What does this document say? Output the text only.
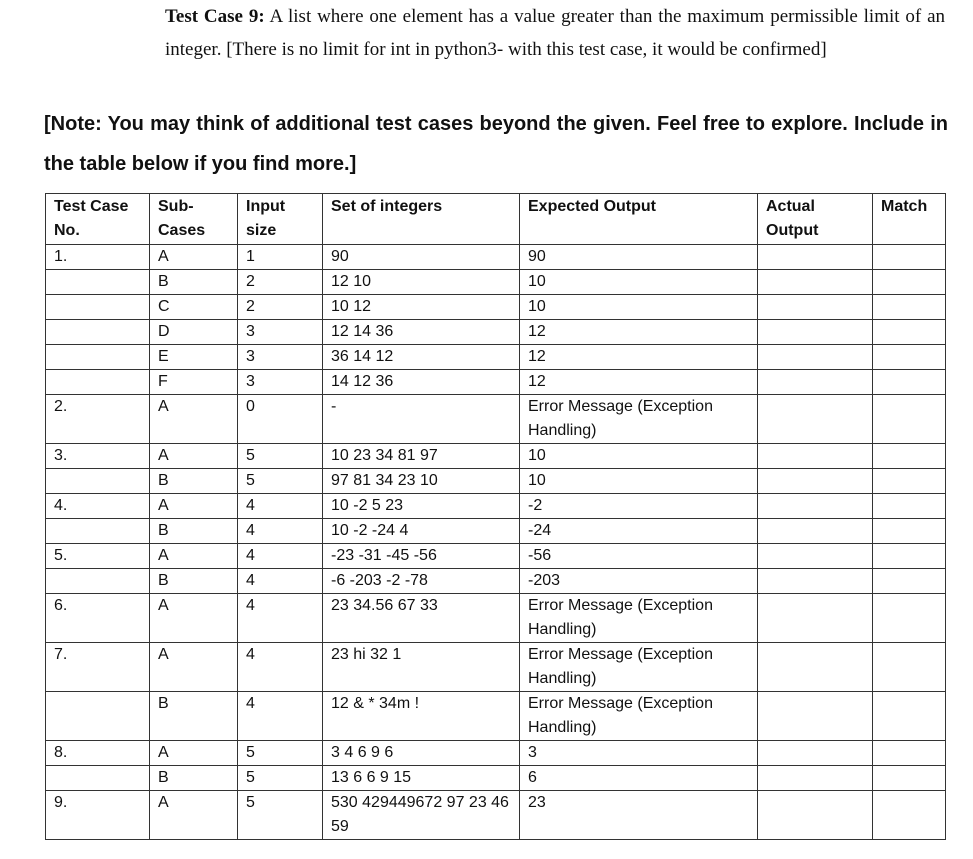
Test Case 9: A list where one element has a value greater than the maximum permissible limit of an integer. [There is no limit for int in python3- with this test case, it would be confirmed]
[Note: You may think of additional test cases beyond the given. Feel free to explore. Include in the table below if you find more.]
Test Case No.	Sub-Cases	Input size	Set of integers	Expected Output	Actual Output	Match
1.	A	1	90	90		
	B	2	12 10	10		
	C	2	10 12	10		
	D	3	12 14 36	12		
	E	3	36 14 12	12		
	F	3	14 12 36	12		
2.	A	0	-	Error Message (Exception Handling)		
3.	A	5	10 23 34 81 97	10		
	B	5	97 81 34 23 10	10		
4.	A	4	10 -2 5 23	-2		
	B	4	10 -2 -24 4	-24		
5.	A	4	-23 -31 -45 -56	-56		
	B	4	-6 -203 -2 -78	-203		
6.	A	4	23 34.56 67 33	Error Message (Exception Handling)		
7.	A	4	23 hi 32 1	Error Message (Exception Handling)		
	B	4	12 & * 34m !	Error Message (Exception Handling)		
8.	A	5	3 4 6 9 6	3		
	B	5	13 6 6 9 15	6		
9.	A	5	530 429449672 97 23 46 59	23		
